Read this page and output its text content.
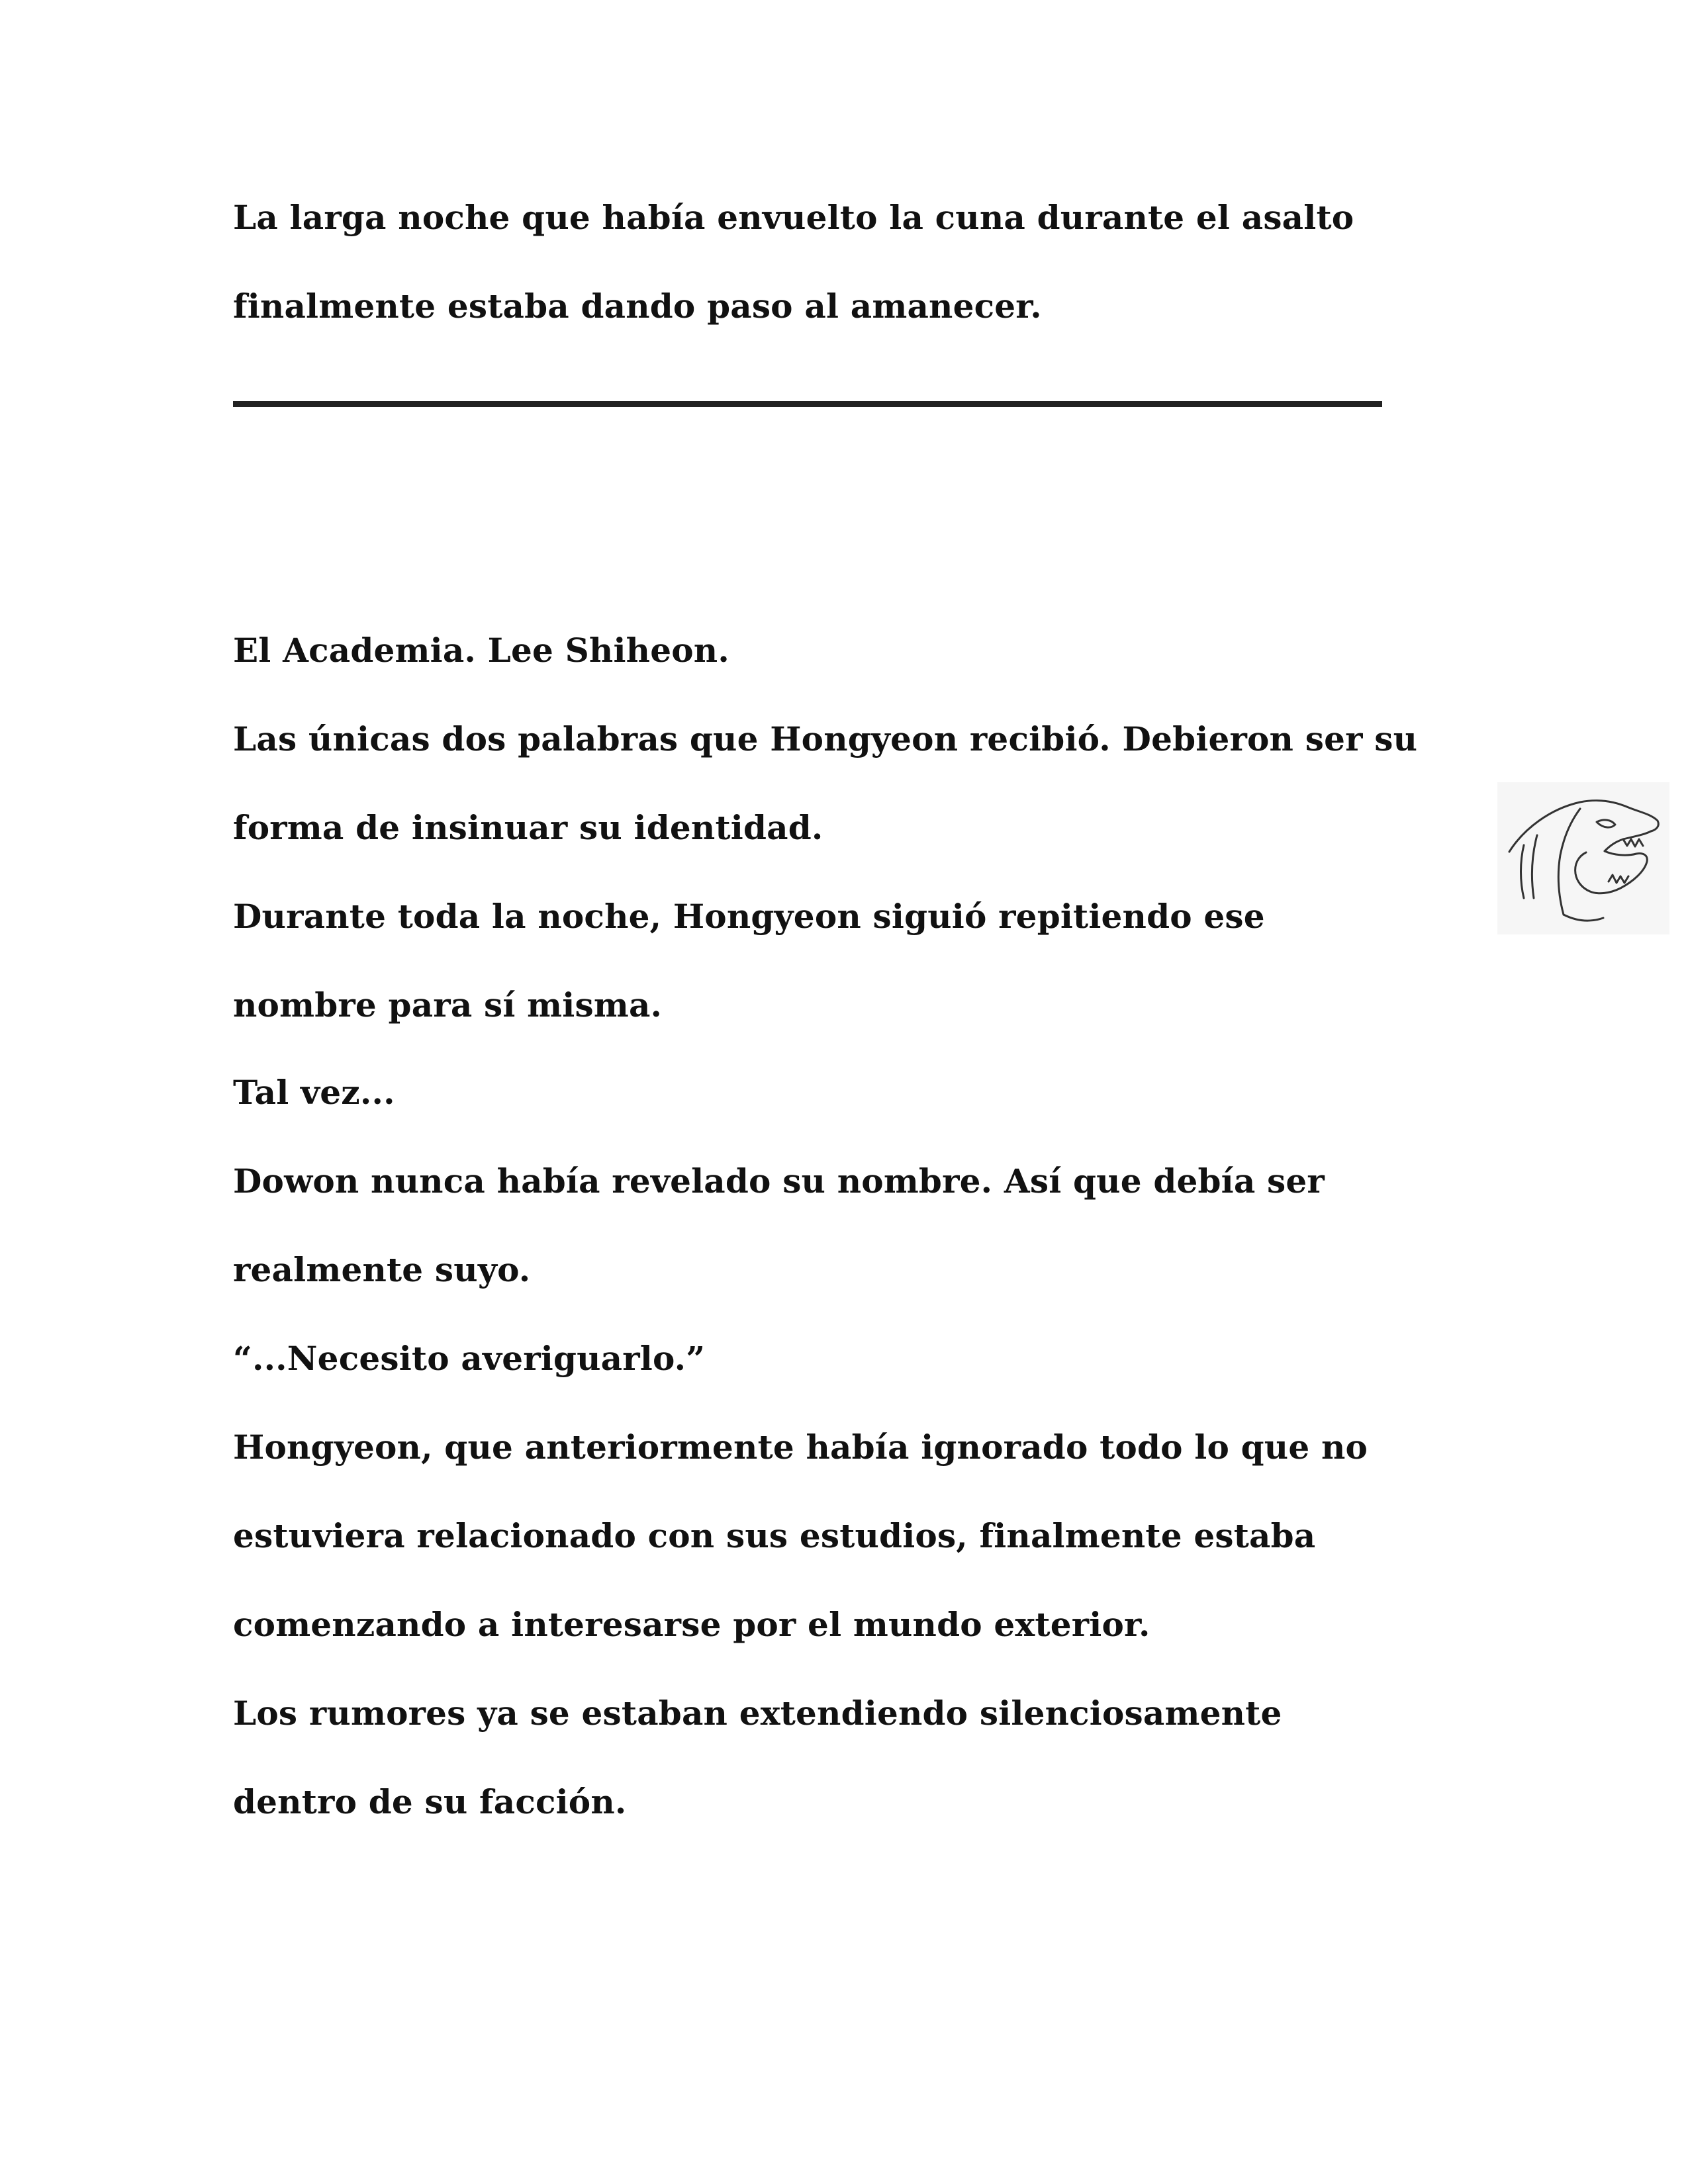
La larga noche que había envuelto la cuna durante el asalto

finalmente estaba dando paso al amanecer.

El Academia. Lee Shiheon.

Las únicas dos palabras que Hongyeon recibió. Debieron ser su

forma de insinuar su identidad.

Durante toda la noche, Hongyeon siguió repitiendo ese

nombre para sí misma.

Tal vez...

Dowon nunca había revelado su nombre. Así que debía ser

realmente suyo.

“...Necesito averiguarlo.”

Hongyeon, que anteriormente había ignorado todo lo que no

estuviera relacionado con sus estudios, finalmente estaba

comenzando a interesarse por el mundo exterior.

Los rumores ya se estaban extendiendo silenciosamente

dentro de su facción.
